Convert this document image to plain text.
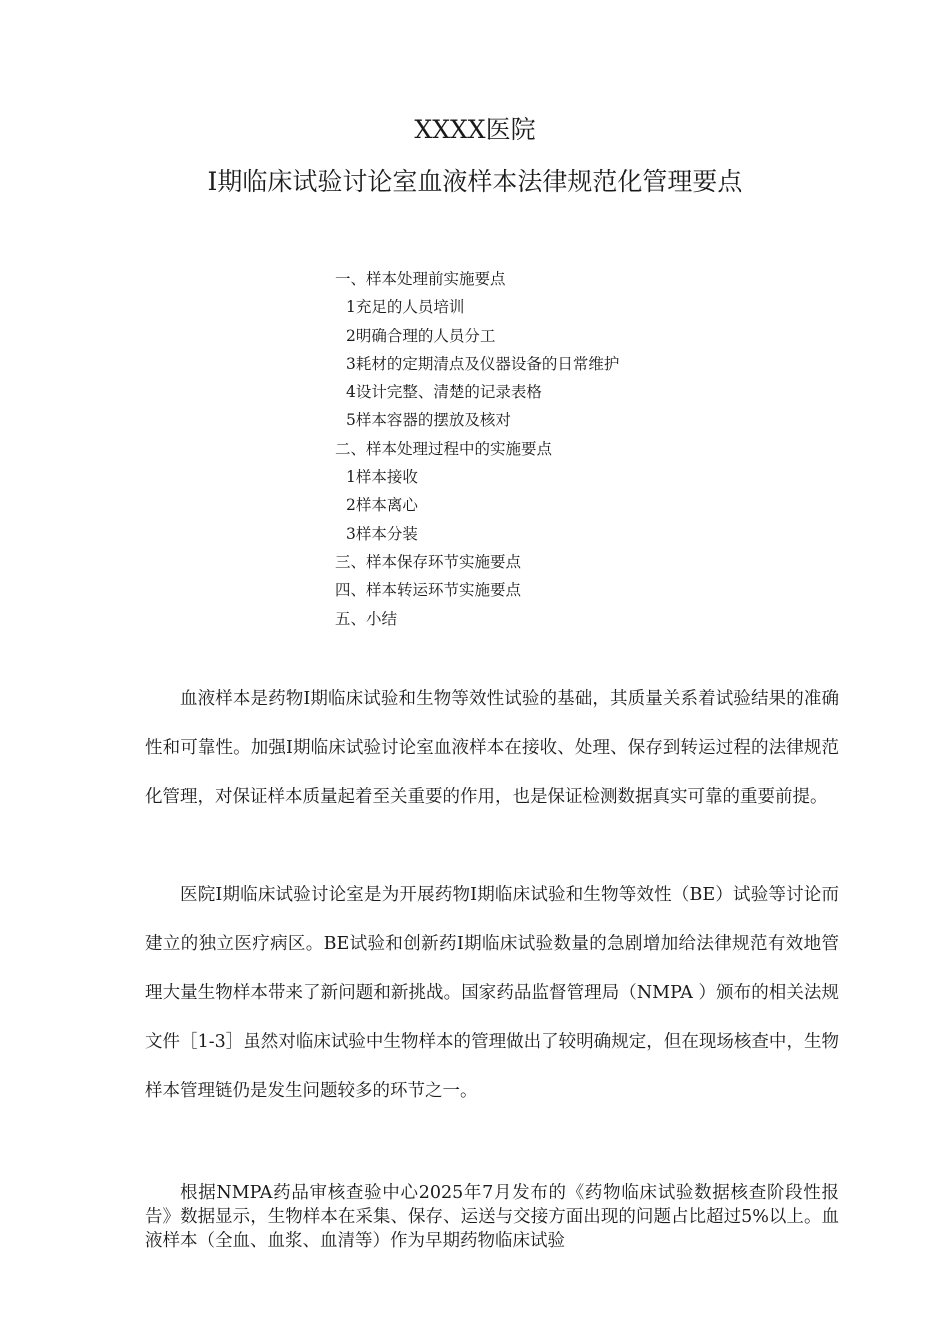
XXXX医院
I期临床试验讨论室血液样本法律规范化管理要点
一、样本处理前实施要点
1充足的人员培训
2明确合理的人员分工
3耗材的定期清点及仪器设备的日常维护
4设计完整、清楚的记录表格
5样本容器的摆放及核对
二、样本处理过程中的实施要点
1样本接收
2样本离心
3样本分装
三、样本保存环节实施要点
四、样本转运环节实施要点
五、小结

血液样本是药物I期临床试验和生物等效性试验的基础，其质量关系着试验结果的准确性和可靠性。加强I期临床试验讨论室血液样本在接收、处理、保存到转运过程的法律规范化管理，对保证样本质量起着至关重要的作用，也是保证检测数据真实可靠的重要前提。

医院I期临床试验讨论室是为开展药物I期临床试验和生物等效性（BE）试验等讨论而建立的独立医疗病区。BE试验和创新药I期临床试验数量的急剧增加给法律规范有效地管理大量生物样本带来了新问题和新挑战。国家药品监督管理局（NMPA ）颁布的相关法规文件［1-3］虽然对临床试验中生物样本的管理做出了较明确规定，但在现场核查中，生物样本管理链仍是发生问题较多的环节之一。

根据NMPA药品审核查验中心2025年7月发布的《药物临床试验数据核查阶段性报告》数据显示，生物样本在采集、保存、运送与交接方面出现的问题占比超过5%以上。血液样本（全血、血浆、血清等）作为早期药物临床试验
